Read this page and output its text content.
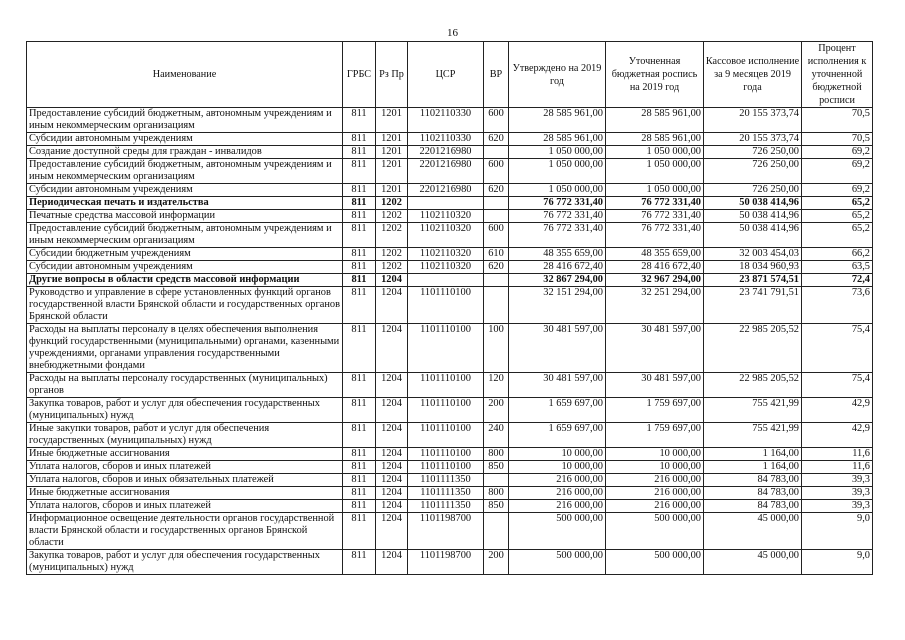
16
Наименование	ГРБС	Рз Пр	ЦСР	ВР	Утверждено на 2019 год	Уточненная бюджетная роспись на 2019 год	Кассовое исполнение за 9 месяцев 2019 года	Процент исполнения к уточненной бюджетной росписи
Предоставление субсидий бюджетным, автономным учреждениям и иным некоммерческим организациям	811	1201	1102110330	600	28 585 961,00	28 585 961,00	20 155 373,74	70,5
Субсидии автономным учреждениям	811	1201	1102110330	620	28 585 961,00	28 585 961,00	20 155 373,74	70,5
Создание доступной среды для граждан - инвалидов	811	1201	2201216980		1 050 000,00	1 050 000,00	726 250,00	69,2
Предоставление субсидий бюджетным, автономным учреждениям и иным некоммерческим организациям	811	1201	2201216980	600	1 050 000,00	1 050 000,00	726 250,00	69,2
Субсидии автономным учреждениям	811	1201	2201216980	620	1 050 000,00	1 050 000,00	726 250,00	69,2
Периодическая печать и издательства	811	1202			76 772 331,40	76 772 331,40	50 038 414,96	65,2
Печатные средства массовой информации	811	1202	1102110320		76 772 331,40	76 772 331,40	50 038 414,96	65,2
Предоставление субсидий бюджетным, автономным учреждениям и иным некоммерческим организациям	811	1202	1102110320	600	76 772 331,40	76 772 331,40	50 038 414,96	65,2
Субсидии бюджетным учреждениям	811	1202	1102110320	610	48 355 659,00	48 355 659,00	32 003 454,03	66,2
Субсидии автономным учреждениям	811	1202	1102110320	620	28 416 672,40	28 416 672,40	18 034 960,93	63,5
Другие вопросы в области средств массовой информации	811	1204			32 867 294,00	32 967 294,00	23 871 574,51	72,4
Руководство и управление в сфере установленных функций органов государственной власти Брянской области и государственных органов Брянской области	811	1204	1101110100		32 151 294,00	32 251 294,00	23 741 791,51	73,6
Расходы на выплаты персоналу в целях обеспечения выполнения функций государственными (муниципальными) органами, казенными учреждениями, органами управления государственными внебюджетными фондами	811	1204	1101110100	100	30 481 597,00	30 481 597,00	22 985 205,52	75,4
Расходы на выплаты персоналу государственных (муниципальных) органов	811	1204	1101110100	120	30 481 597,00	30 481 597,00	22 985 205,52	75,4
Закупка товаров, работ и услуг для обеспечения государственных (муниципальных) нужд	811	1204	1101110100	200	1 659 697,00	1 759 697,00	755 421,99	42,9
Иные закупки товаров, работ и услуг для обеспечения государственных (муниципальных) нужд	811	1204	1101110100	240	1 659 697,00	1 759 697,00	755 421,99	42,9
Иные бюджетные ассигнования	811	1204	1101110100	800	10 000,00	10 000,00	1 164,00	11,6
Уплата налогов, сборов и иных платежей	811	1204	1101110100	850	10 000,00	10 000,00	1 164,00	11,6
Уплата налогов, сборов и иных обязательных платежей	811	1204	1101111350		216 000,00	216 000,00	84 783,00	39,3
Иные бюджетные ассигнования	811	1204	1101111350	800	216 000,00	216 000,00	84 783,00	39,3
Уплата налогов, сборов и иных платежей	811	1204	1101111350	850	216 000,00	216 000,00	84 783,00	39,3
Информационное освещение деятельности органов государственной власти Брянской области и государственных органов Брянской области	811	1204	1101198700		500 000,00	500 000,00	45 000,00	9,0
Закупка товаров, работ и услуг для обеспечения государственных (муниципальных) нужд	811	1204	1101198700	200	500 000,00	500 000,00	45 000,00	9,0
